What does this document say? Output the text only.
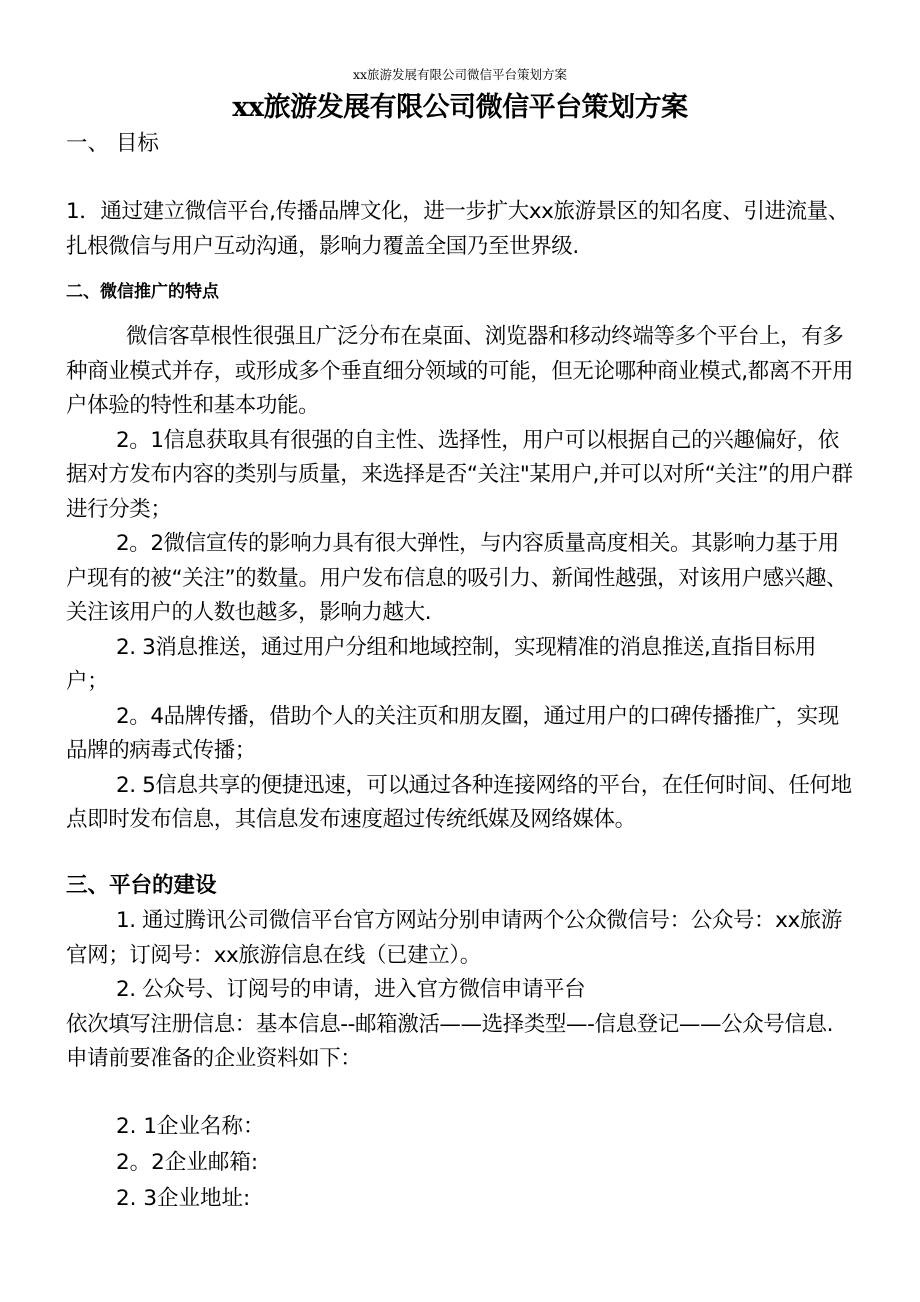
xx旅游发展有限公司微信平台策划方案
xx旅游发展有限公司微信平台策划方案
一、 目标

1．通过建立微信平台,传播品牌文化，进一步扩大xx旅游景区的知名度、引进流量、扎根微信与用户互动沟通，影响力覆盖全国乃至世界级.

二、微信推广的特点

微信客草根性很强且广泛分布在桌面、浏览器和移动终端等多个平台上，有多种商业模式并存，或形成多个垂直细分领域的可能，但无论哪种商业模式,都离不开用户体验的特性和基本功能。

2。1信息获取具有很强的自主性、选择性，用户可以根据自己的兴趣偏好，依据对方发布内容的类别与质量，来选择是否“关注"某用户,并可以对所“关注”的用户群进行分类；

2。2微信宣传的影响力具有很大弹性，与内容质量高度相关。其影响力基于用户现有的被“关注”的数量。用户发布信息的吸引力、新闻性越强，对该用户感兴趣、关注该用户的人数也越多，影响力越大.

2. 3消息推送，通过用户分组和地域控制，实现精准的消息推送,直指目标用户；

2。4品牌传播，借助个人的关注页和朋友圈，通过用户的口碑传播推广，实现品牌的病毒式传播；

2. 5信息共享的便捷迅速，可以通过各种连接网络的平台，在任何时间、任何地点即时发布信息，其信息发布速度超过传统纸媒及网络媒体。

三、平台的建设

1. 通过腾讯公司微信平台官方网站分别申请两个公众微信号：公众号：xx旅游官网；订阅号：xx旅游信息在线（已建立）。

2. 公众号、订阅号的申请，进入官方微信申请平台

依次填写注册信息：基本信息--邮箱激活——选择类型—-信息登记——公众号信息.

申请前要准备的企业资料如下：

2. 1企业名称：
2。2企业邮箱:
2. 3企业地址:
